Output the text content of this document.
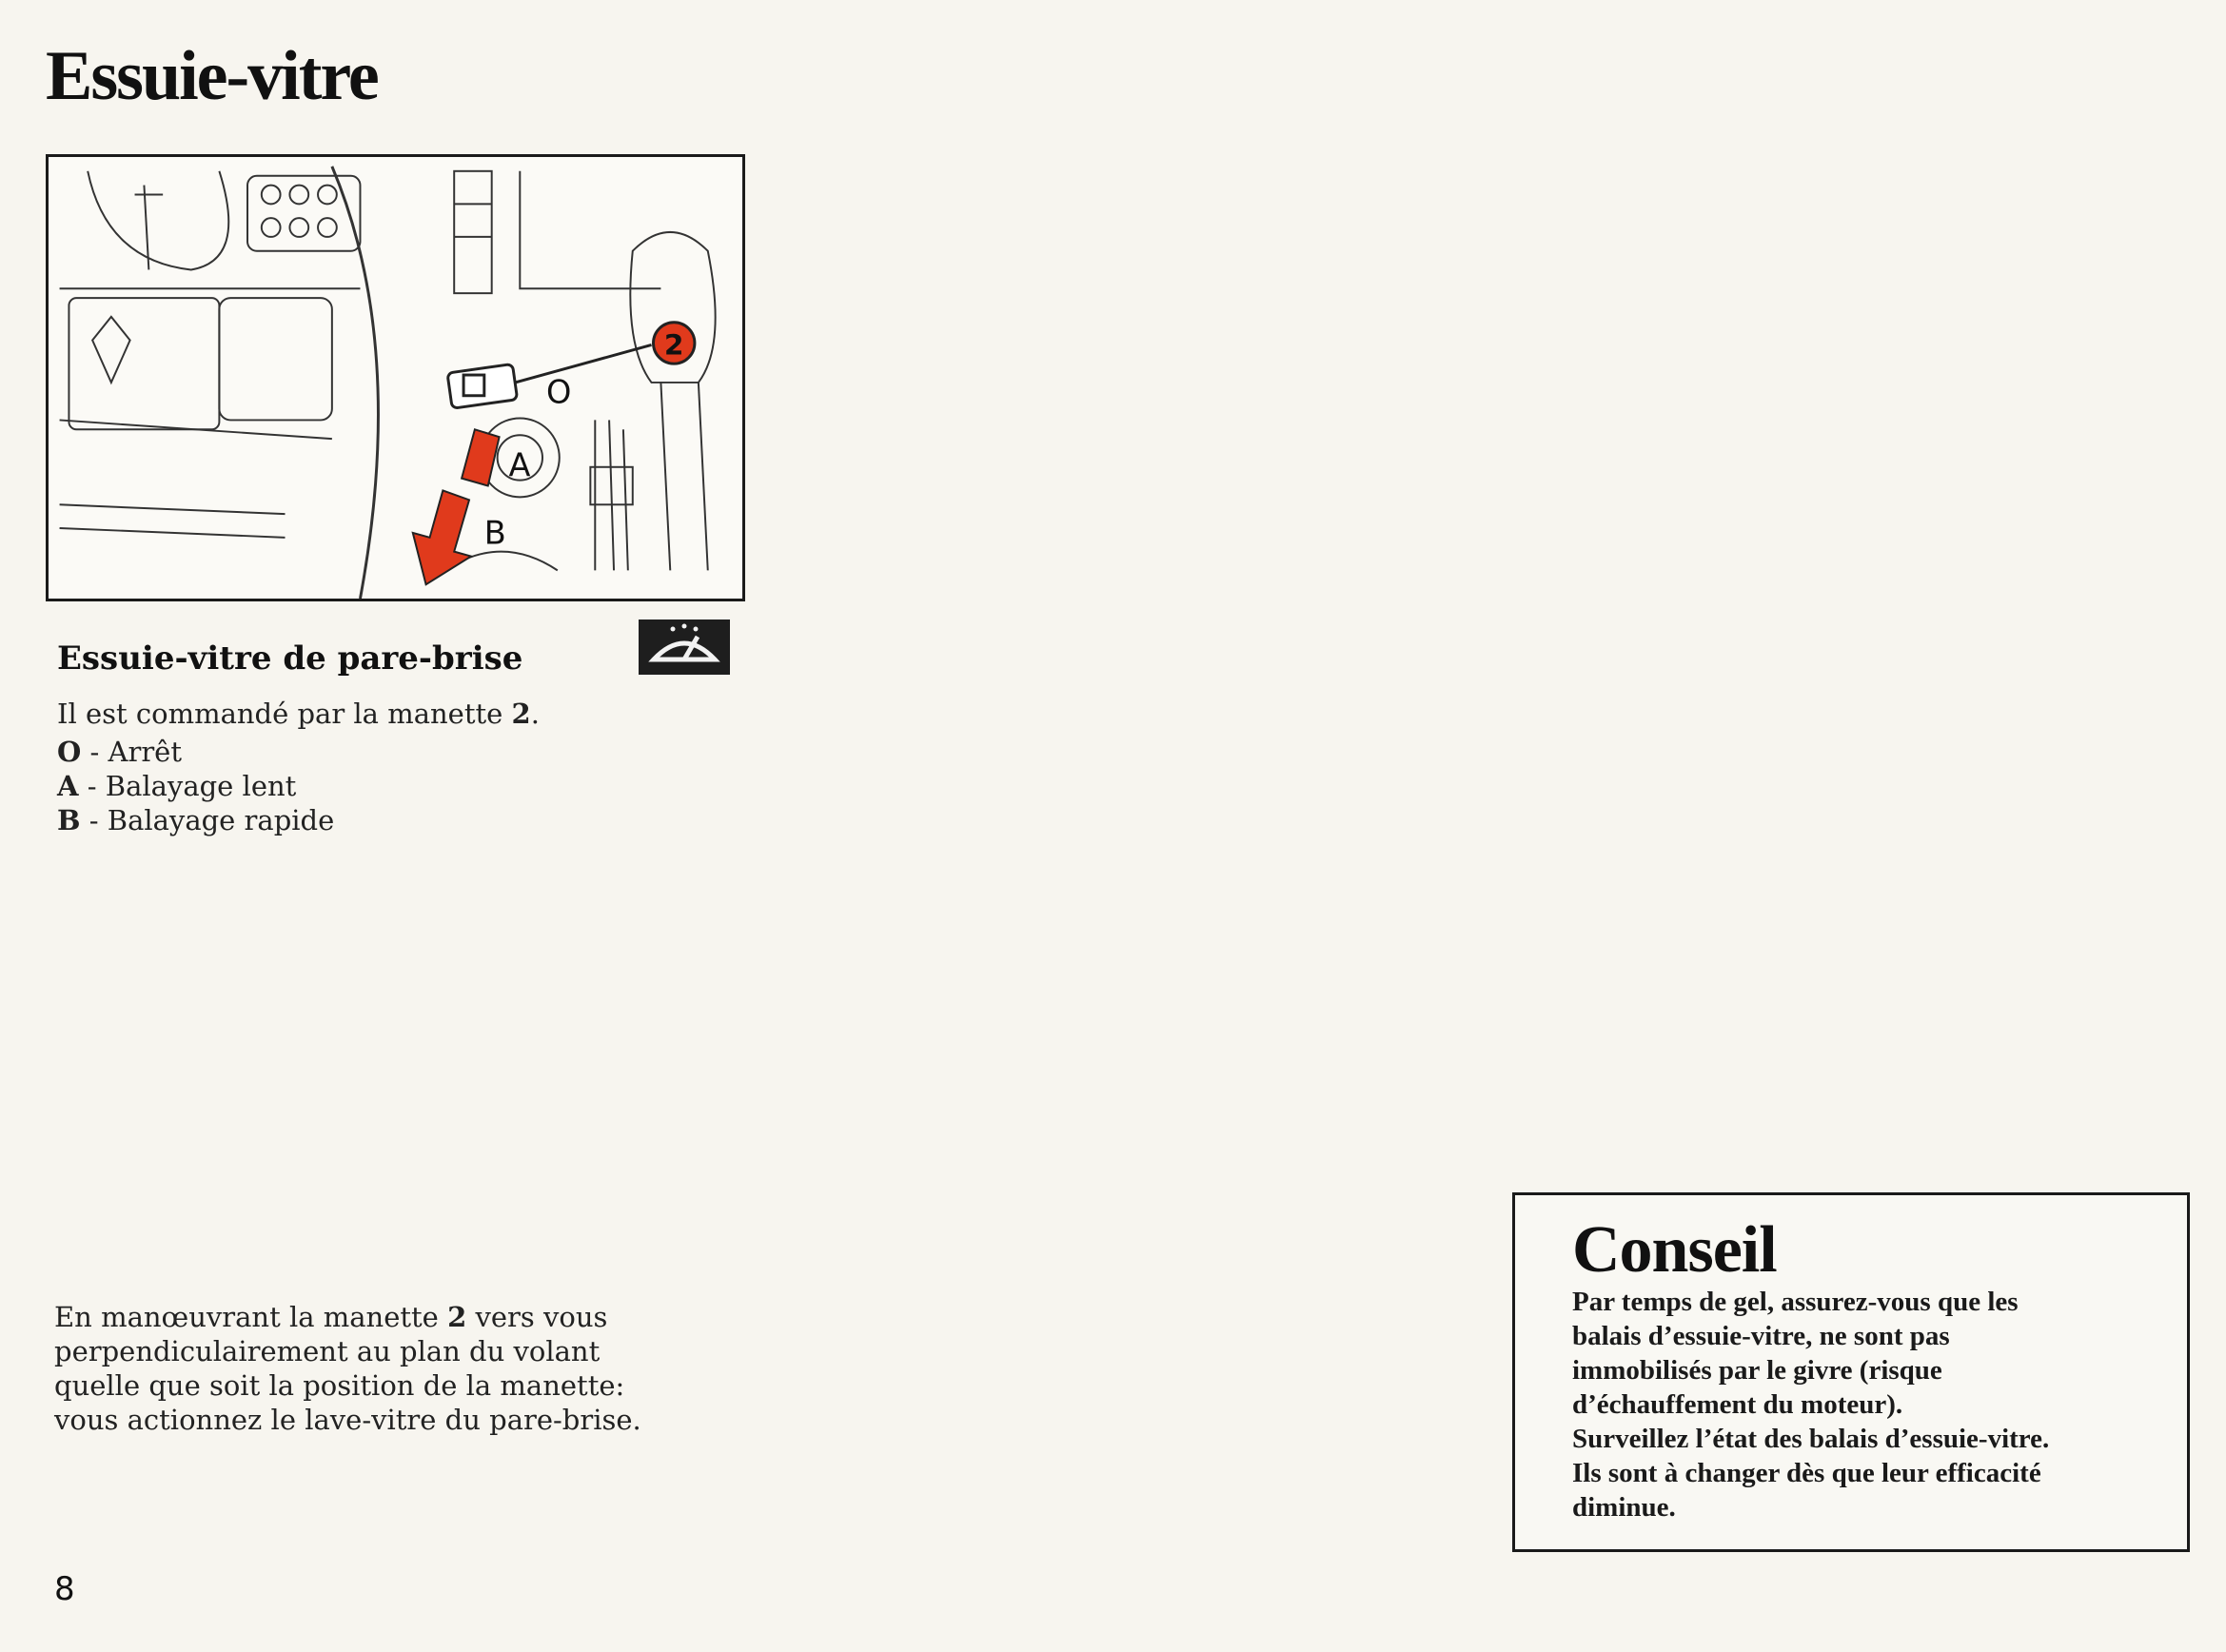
Essuie-vitre
2
O
A
B
Essuie-vitre de pare-brise
Il est commandé par la manette 2.
O - Arrêt
A - Balayage lent
B - Balayage rapide
En manœuvrant la manette 2 vers vous
perpendiculairement au plan du volant
quelle que soit la position de la manette:
vous actionnez le lave-vitre du pare-brise.
Conseil
Par temps de gel, assurez-vous que les
balais d’essuie-vitre, ne sont pas
immobilisés par le givre (risque
d’échauffement du moteur).
Surveillez l’état des balais d’essuie-vitre.
Ils sont à changer dès que leur efficacité
diminue.
8
